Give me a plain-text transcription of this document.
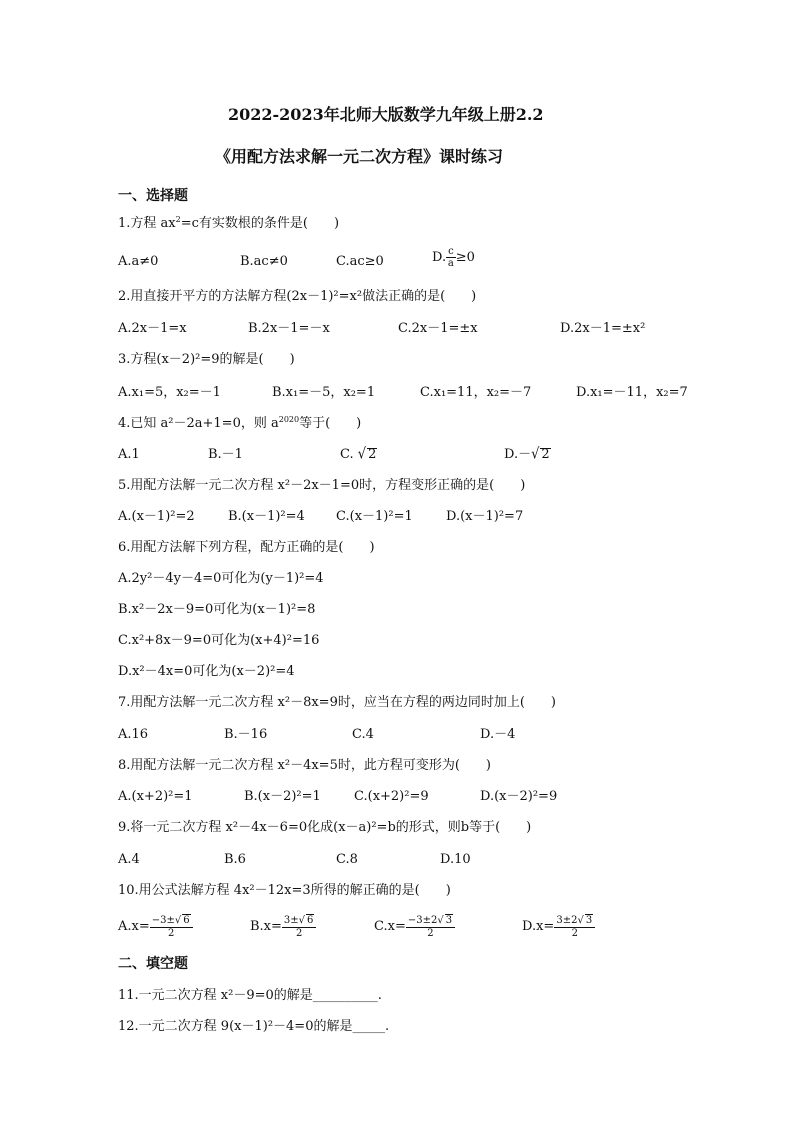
2022-2023年北师大版数学九年级上册2.2
《用配方法求解一元二次方程》课时练习
一、选择题
1.方程 $ax^2=c$有实数根的条件是(　　)
A.a≠0	B.ac≠0	C.ac≥0	D. $\frac{c}{a} \ge 0$
2.用直接开平方的方法解方程(2x－1)²=x²做法正确的是(　　)
A.2x－1=x	B.2x－1=－x	C.2x－1=±x	D.2x－1=±x²
3.方程(x－2)²=9的解是(　　)
A.x₁=5，x₂=－1	B.x₁=－5，x₂=1	C.x₁=11，x₂=－7	D.x₁=－11，x₂=7
4.已知 a²－2a+1=0，则 $a^{2020}$等于(　　)
A.1	B.－1	C. √ 2	D.－√ 2
5.用配方法解一元二次方程 x²－2x－1=0时，方程变形正确的是(　　)
A.(x－1)²=2	B.(x－1)²=4 C.(x－1)²=1	D.(x－1)²=7
6.用配方法解下列方程，配方正确的是(　　)
A.2y²－4y－4=0可化为(y－1)²=4
B.x²－2x－9=0可化为(x－1)²=8
C.x²+8x－9=0可化为(x+4)²=16
D.x²－4x=0可化为(x－2)²=4
7.用配方法解一元二次方程 x²－8x=9时，应当在方程的两边同时加上(　　)
A.16	B.－16	C.4	D.－4
8.用配方法解一元二次方程 x²－4x=5时，此方程可变形为(　　)
A.(x+2)²=1	B.(x－2)²=1	C.(x+2)²=9	D.(x－2)²=9
9.将一元二次方程 x²－4x－6=0化成(x－a)²=b的形式，则b等于(　　)
A.4	B.6	C.8	D.10
10.用公式法解方程 4x²－12x=3所得的解正确的是(　　)
$A.x= \frac{-3\pm√ 6}{2}$	$B.x= \frac{3\pm√ 6}{2}$	$C.x= \frac{-3\pm 2√ 3}{2}$	$D.x= \frac{3\pm 2√ 3}{2}$
二、填空题
11.一元二次方程 x²－9=0的解是__________.
12.一元二次方程 9(x－1)²－4=0的解是_____.
